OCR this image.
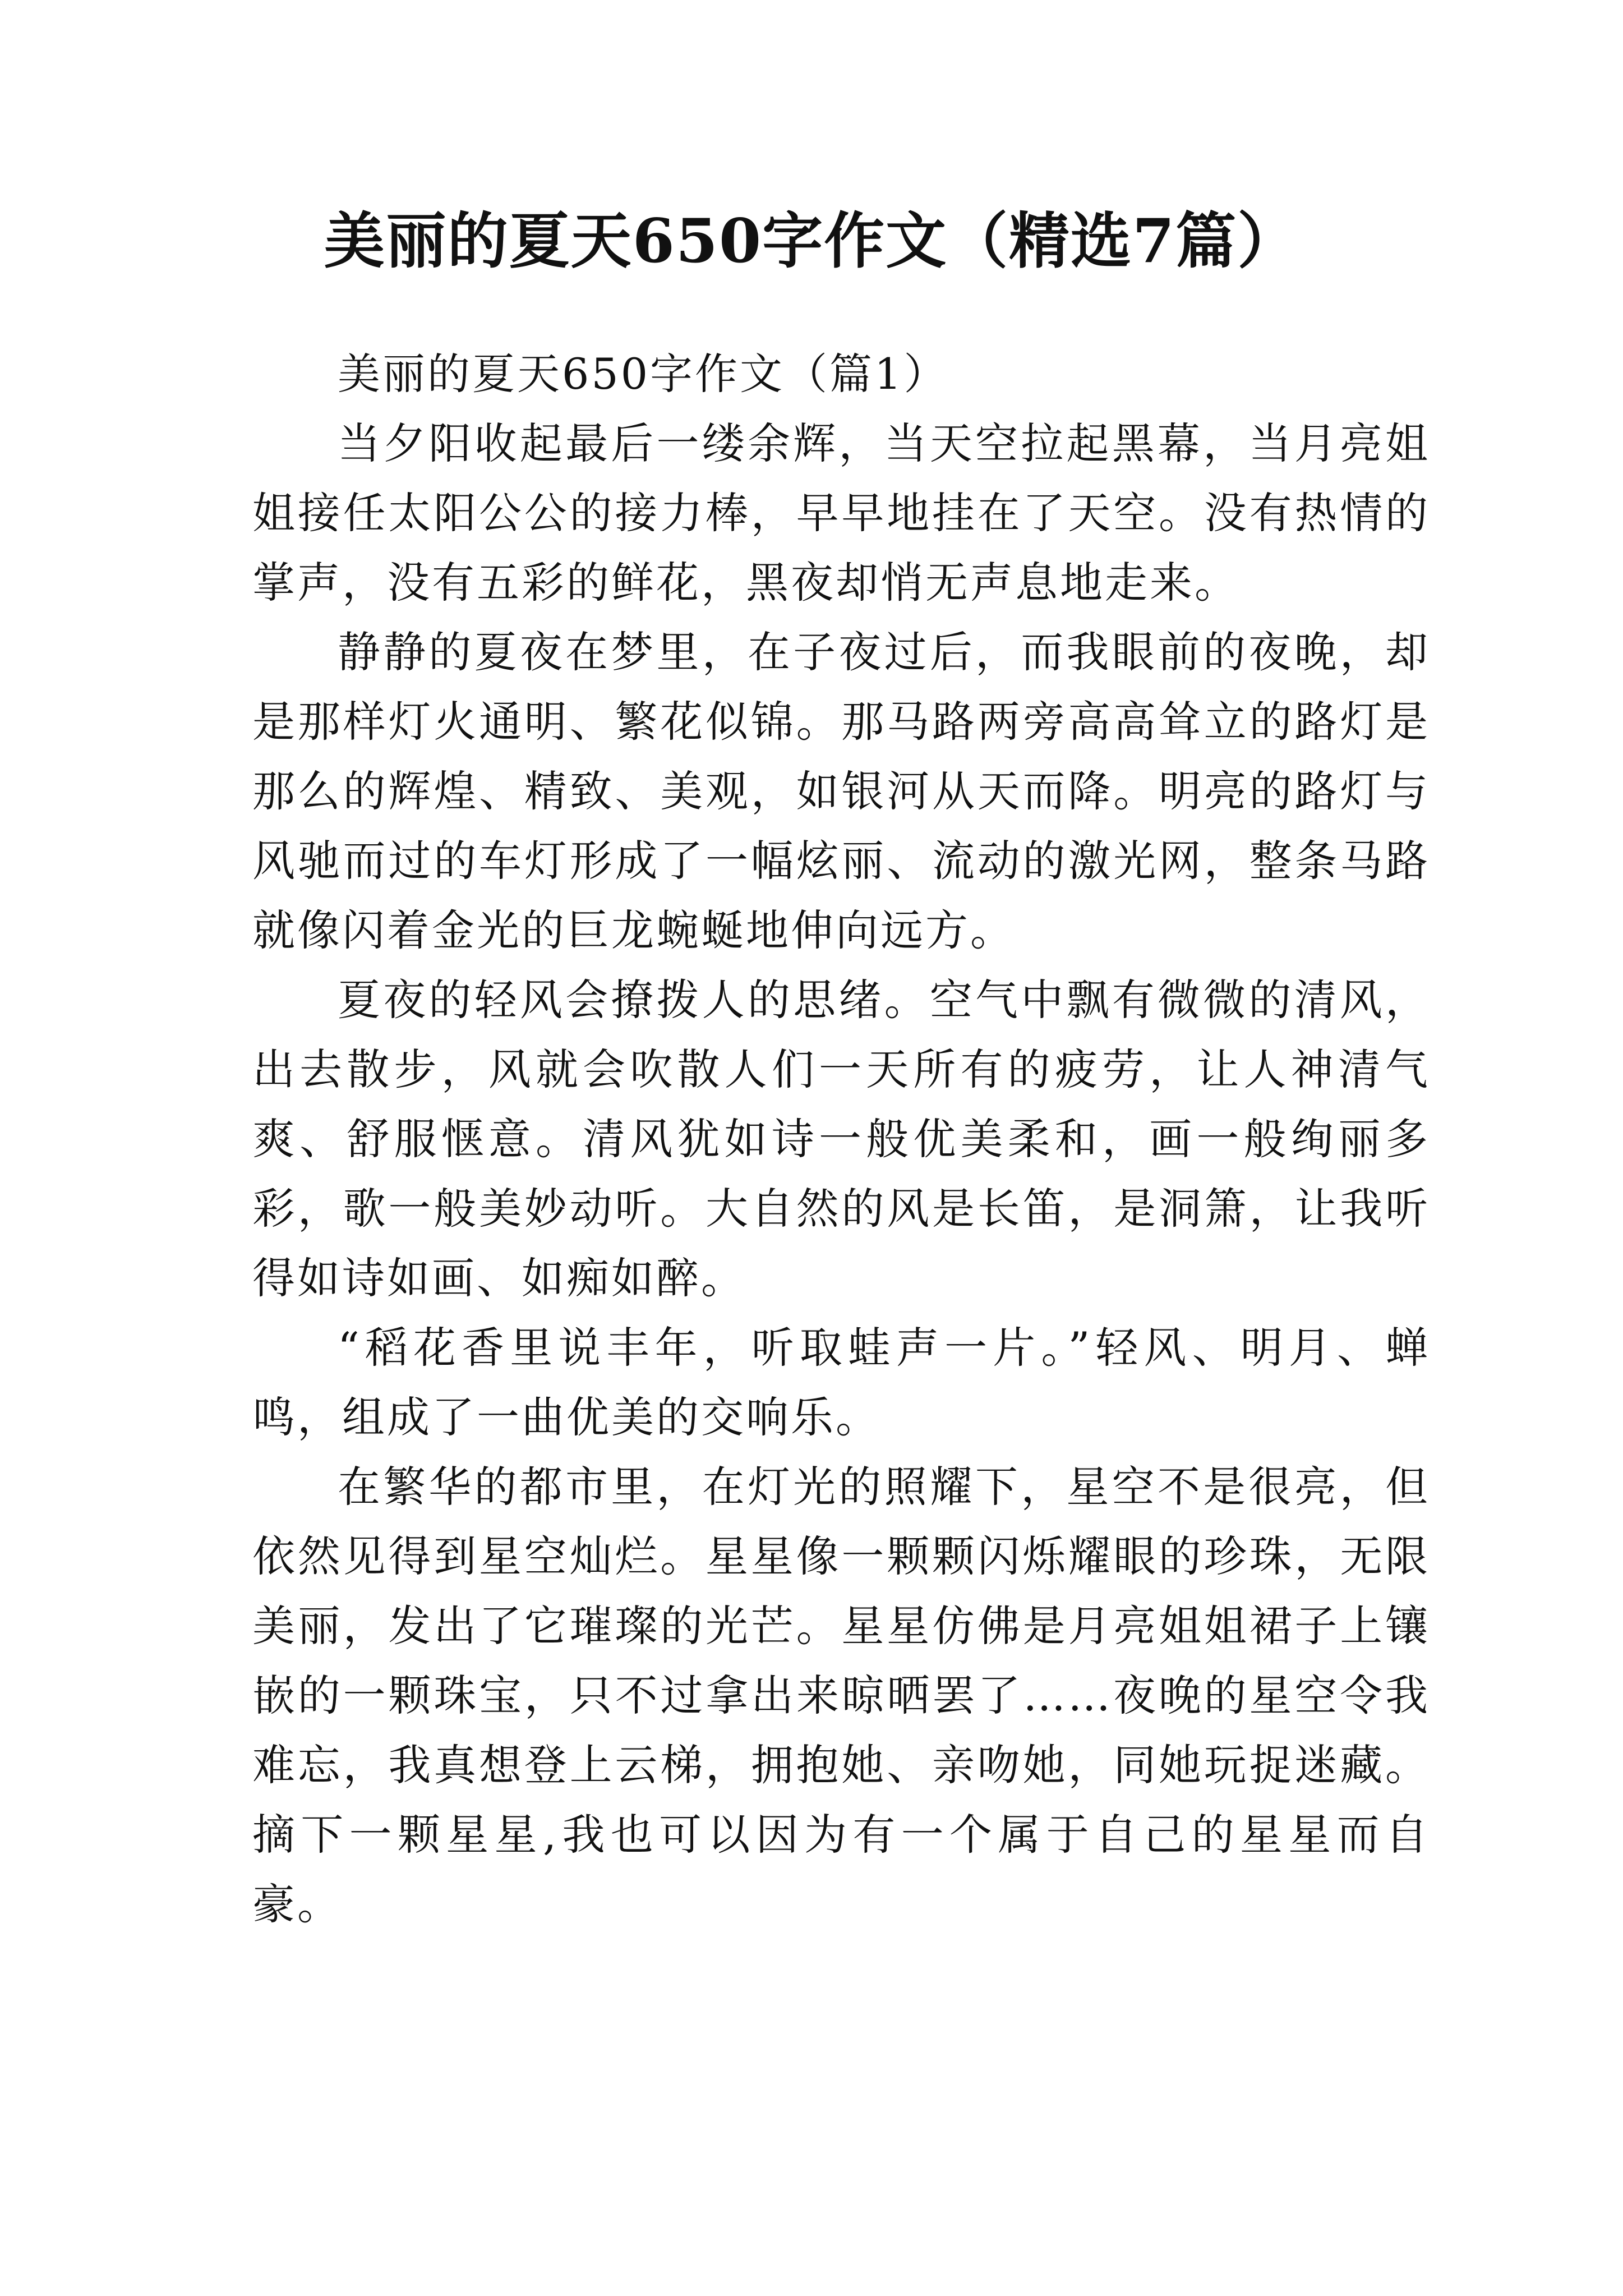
美丽的夏天650字作文（精选7篇）

美丽的夏天650字作文（篇1）

当夕阳收起最后一缕余辉，当天空拉起黑幕，当月亮姐姐接任太阳公公的接力棒，早早地挂在了天空。没有热情的掌声，没有五彩的鲜花，黑夜却悄无声息地走来。

静静的夏夜在梦里，在子夜过后，而我眼前的夜晚，却是那样灯火通明、繁花似锦。那马路两旁高高耸立的路灯是那么的辉煌、精致、美观，如银河从天而降。明亮的路灯与风驰而过的车灯形成了一幅炫丽、流动的激光网，整条马路就像闪着金光的巨龙蜿蜒地伸向远方。

夏夜的轻风会撩拨人的思绪。空气中飘有微微的清风，出去散步，风就会吹散人们一天所有的疲劳，让人神清气爽、舒服惬意。清风犹如诗一般优美柔和，画一般绚丽多彩，歌一般美妙动听。大自然的风是长笛，是洞箫，让我听得如诗如画、如痴如醉。

“稻花香里说丰年，听取蛙声一片。”轻风、明月、蝉鸣，组成了一曲优美的交响乐。

在繁华的都市里，在灯光的照耀下，星空不是很亮，但依然见得到星空灿烂。星星像一颗颗闪烁耀眼的珍珠，无限美丽，发出了它璀璨的光芒。星星仿佛是月亮姐姐裙子上镶嵌的一颗珠宝，只不过拿出来晾晒罢了……夜晚的星空令我难忘，我真想登上云梯，拥抱她、亲吻她，同她玩捉迷藏。摘下一颗星星,我也可以因为有一个属于自己的星星而自豪。
